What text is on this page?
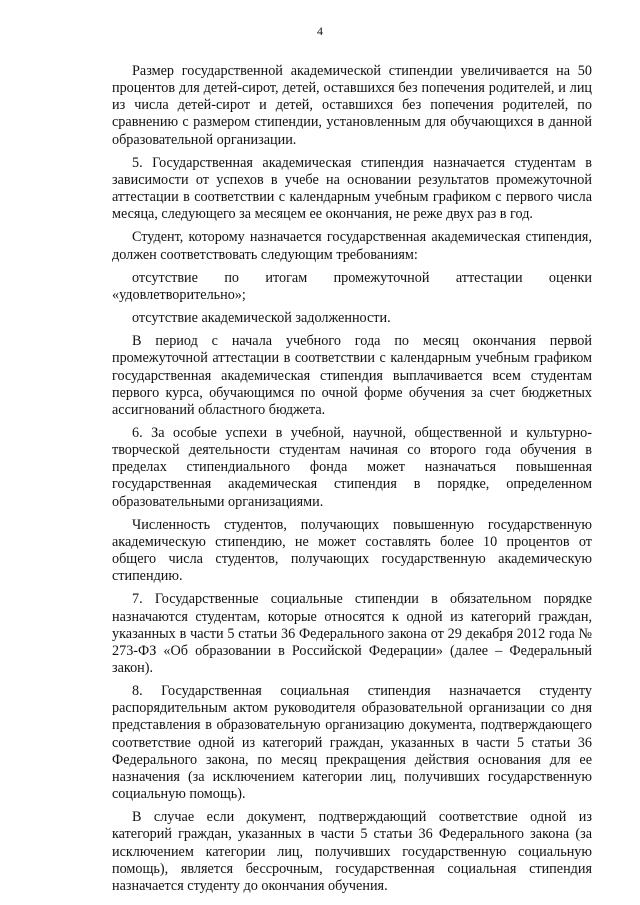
4

Размер государственной академической стипендии увеличивается на 50 процентов для детей-сирот, детей, оставшихся без попечения родителей, и лиц из числа детей-сирот и детей, оставшихся без попечения родителей, по сравнению с размером стипендии, установленным для обучающихся в данной образовательной организации.

5. Государственная академическая стипендия назначается студентам в зависимости от успехов в учебе на основании результатов промежуточной аттестации в соответствии с календарным учебным графиком с первого числа месяца, следующего за месяцем ее окончания, не реже двух раз в год.

Студент, которому назначается государственная академическая стипендия, должен соответствовать следующим требованиям:

отсутствие по итогам промежуточной аттестации оценки «удовлетворительно»;

отсутствие академической задолженности.

В период с начала учебного года по месяц окончания первой промежуточной аттестации в соответствии с календарным учебным графиком государственная академическая стипендия выплачивается всем студентам первого курса, обучающимся по очной форме обучения за счет бюджетных ассигнований областного бюджета.

6. За особые успехи в учебной, научной, общественной и культурно-творческой деятельности студентам начиная со второго года обучения в пределах стипендиального фонда может назначаться повышенная государственная академическая стипендия в порядке, определенном образовательными организациями.

Численность студентов, получающих повышенную государственную академическую стипендию, не может составлять более 10 процентов от общего числа студентов, получающих государственную академическую стипендию.

7. Государственные социальные стипендии в обязательном порядке назначаются студентам, которые относятся к одной из категорий граждан, указанных в части 5 статьи 36 Федерального закона от 29 декабря 2012 года № 273-ФЗ «Об образовании в Российской Федерации» (далее – Федеральный закон).

8. Государственная социальная стипендия назначается студенту распорядительным актом руководителя образовательной организации со дня представления в образовательную организацию документа, подтверждающего соответствие одной из категорий граждан, указанных в части 5 статьи 36 Федерального закона, по месяц прекращения действия основания для ее назначения (за исключением категории лиц, получивших государственную социальную помощь).

В случае если документ, подтверждающий соответствие одной из категорий граждан, указанных в части 5 статьи 36 Федерального закона (за исключением категории лиц, получивших государственную социальную помощь), является бессрочным, государственная социальная стипендия назначается студенту до окончания обучения.
